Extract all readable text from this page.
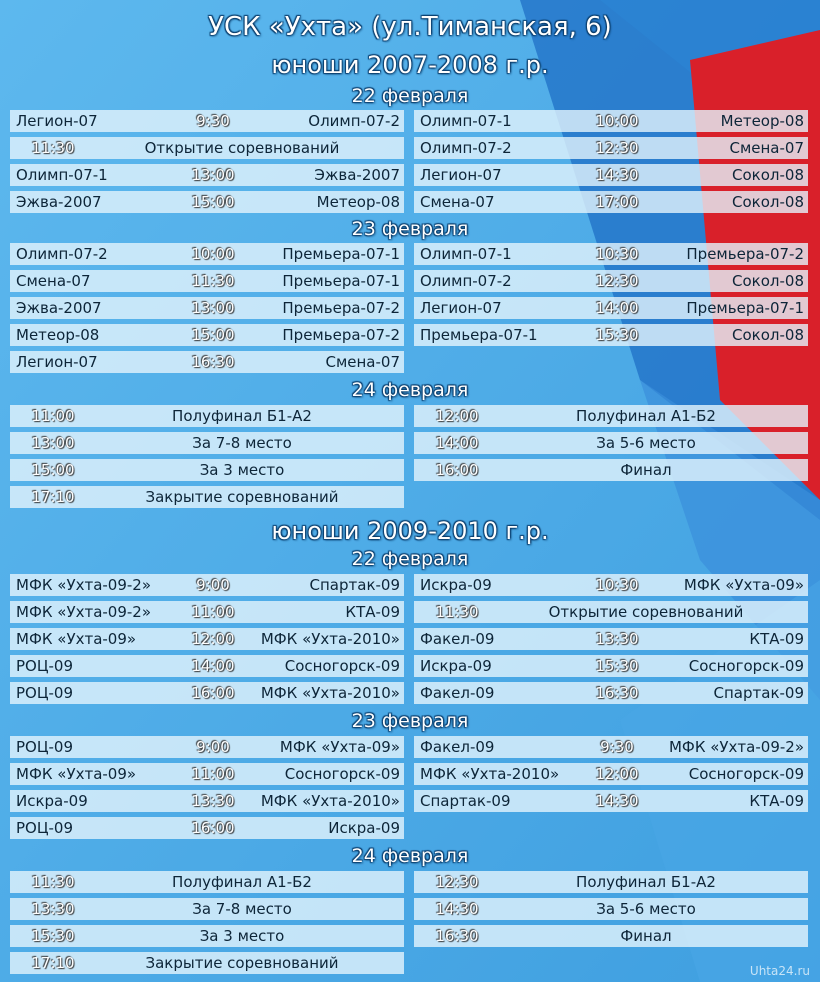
УСК «Ухта» (ул.Тиманская, 6)
юноши 2007-2008 г.р.
22 февраля
Легион-07	9:30	Олимп-07-2
11:30	Открытие соревнований
Олимп-07-1	13:00	Эжва-2007
Эжва-2007	15:00	Метеор-08
Олимп-07-1	10:00	Метеор-08
Олимп-07-2	12:30	Смена-07
Легион-07	14:30	Сокол-08
Смена-07	17:00	Сокол-08
23 февраля
Олимп-07-2	10:00	Премьера-07-1
Смена-07	11:30	Премьера-07-1
Эжва-2007	13:00	Премьера-07-2
Метеор-08	15:00	Премьера-07-2
Легион-07	16:30	Смена-07
Олимп-07-1	10:30	Премьера-07-2
Олимп-07-2	12:30	Сокол-08
Легион-07	14:00	Премьера-07-1
Премьера-07-1	15:30	Сокол-08
24 февраля
11:00	Полуфинал Б1-А2
13:00	За 7-8 место
15:00	За 3 место
17:10	Закрытие соревнований
12:00	Полуфинал А1-Б2
14:00	За 5-6 место
16:00	Финал
юноши 2009-2010 г.р.
22 февраля
МФК «Ухта-09-2»	9:00	Спартак-09
МФК «Ухта-09-2»	11:00	КТА-09
МФК «Ухта-09»	12:00 МФК «Ухта-2010»
РОЦ-09	14:00	Сосногорск-09
РОЦ-09	16:00 МФК «Ухта-2010»
Искра-09	10:30	МФК «Ухта-09»
11:30	Открытие соревнований
Факел-09	13:30	КТА-09
Искра-09	15:30	Сосногорск-09
Факел-09	16:30	Спартак-09
23 февраля
РОЦ-09	9:00	МФК «Ухта-09»
МФК «Ухта-09»	11:00	Сосногорск-09
Искра-09	13:30 МФК «Ухта-2010»
РОЦ-09	16:00	Искра-09
Факел-09	9:30	МФК «Ухта-09-2»
МФК «Ухта-2010» 12:00	Сосногорск-09
Спартак-09	14:30	КТА-09
24 февраля
11:30	Полуфинал А1-Б2
13:30	За 7-8 место
15:30	За 3 место
17:10	Закрытие соревнований
12:30	Полуфинал Б1-А2
14:30	За 5-6 место
16:30	Финал
Uhta24.ru
